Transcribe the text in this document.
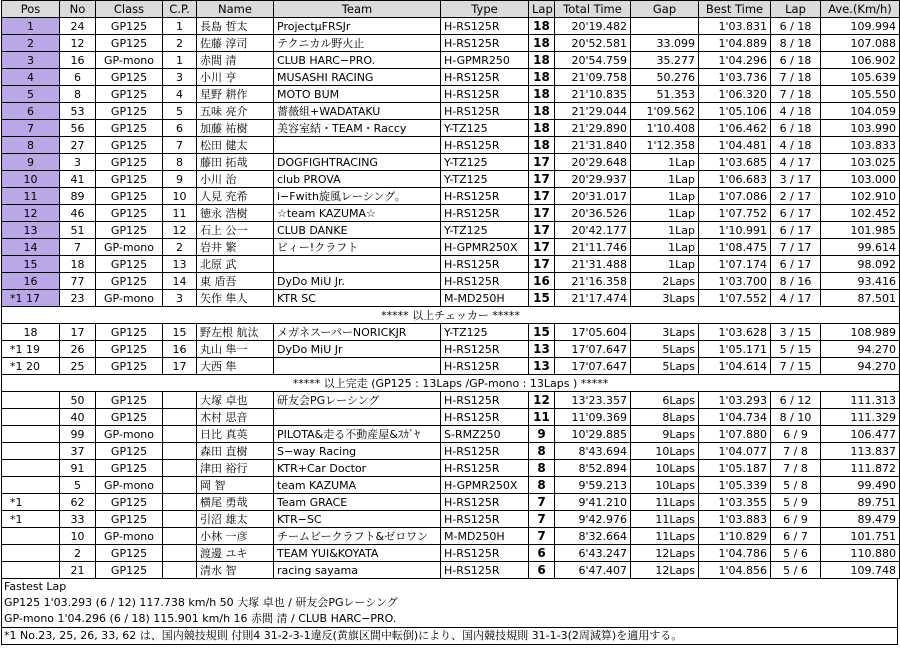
Pos	No	Class	C.P.	Name	Team	Type	Lap	Total Time	Gap	Best Time	Lap	Ave.(Km/h)
1	24	GP125	1	長島 哲太	ProjectμFRSJr	H-RS125R	18	20'19.482		1'03.831	6 / 18	109.994
2	12	GP125	2	佐藤 淳司	テクニカル野火止	H-RS125R	18	20'52.581	33.099	1'04.889	8 / 18	107.088
3	16	GP-mono	1	赤間 清	CLUB HARC−PRO.	H-GPMR250	18	20'54.759	35.277	1'04.296	6 / 18	106.902
4	6	GP125	3	小川 亨	MUSASHI RACING	H-RS125R	18	21'09.758	50.276	1'03.736	7 / 18	105.639
5	8	GP125	4	星野 耕作	MOTO BUM	H-RS125R	18	21'10.835	51.353	1'06.320	7 / 18	105.550
6	53	GP125	5	五味 亮介	薔薇組+WADATAKU	H-RS125R	18	21'29.044	1'09.562	1'05.106	4 / 18	104.059
7	56	GP125	6	加藤 祐樹	美容室結・TEAM・Raccy	Y-TZ125	18	21'29.890	1'10.408	1'06.462	6 / 18	103.990
8	27	GP125	7	松田 健太		H-RS125R	18	21'31.840	1'12.358	1'04.481	4 / 18	103.833
9	3	GP125	8	藤田 拓哉	DOGFIGHTRACING	Y-TZ125	17	20'29.648	1Lap	1'03.685	4 / 17	103.025
10	41	GP125	9	小川 治	club PROVA	Y-TZ125	17	20'29.937	1Lap	1'06.683	3 / 17	103.000
11	89	GP125	10	人見 充希	i−Fwith旋風レーシング。	H-RS125R	17	20'31.017	1Lap	1'07.086	2 / 17	102.910
12	46	GP125	11	徳永 浩樹	☆team KAZUMA☆	H-RS125R	17	20'36.526	1Lap	1'07.752	6 / 17	102.452
13	51	GP125	12	石上 公一	CLUB DANKE	Y-TZ125	17	20'42.177	1Lap	1'10.991	6 / 17	101.985
14	7	GP-mono	2	岩井 繁	ビィー!クラフト	H-GPMR250X	17	21'11.746	1Lap	1'08.475	7 / 17	99.614
15	18	GP125	13	北原 武		H-RS125R	17	21'31.488	1Lap	1'07.174	6 / 17	98.092
16	77	GP125	14	東 盾吾	DyDo MiU Jr.	H-RS125R	16	21'16.358	2Laps	1'03.700	8 / 16	93.416
*1 17	23	GP-mono	3	矢作 隼人	KTR SC	M-MD250H	15	21'17.474	3Laps	1'07.552	4 / 17	87.501
***** 以上チェッカー *****												
18	17	GP125	15	野左根 航汰	メガネスーパーNORICKJR	Y-TZ125	15	17'05.604	3Laps	1'03.628	3 / 15	108.989
*1 19	26	GP125	16	丸山 隼一	DyDo MiU Jr	H-RS125R	13	17'07.647	5Laps	1'05.171	5 / 15	94.270
*1 20	25	GP125	17	大西 隼		H-RS125R	13	17'07.647	5Laps	1'04.614	7 / 15	94.270
***** 以上完走 (GP125 : 13Laps /GP-mono : 13Laps ) *****												
	50	GP125		大塚 卓也	研友会PGレーシング	H-RS125R	12	13'23.357	6Laps	1'03.293	6 / 12	111.313
	40	GP125		木村 思音		H-RS125R	11	11'09.369	8Laps	1'04.734	8 / 10	111.329
	99	GP-mono		日比 真英	PILOTA&走る不動産屋&ｽｶﾞﾔ	S-RMZ250	9	10'29.885	9Laps	1'07.880	6 / 9	106.477
	37	GP125		森田 直樹	S−way Racing	H-RS125R	8	8'43.694	10Laps	1'04.077	7 / 8	113.837
	91	GP125		津田 裕行	KTR+Car Doctor	H-RS125R	8	8'52.894	10Laps	1'05.187	7 / 8	111.872
	5	GP-mono		岡 智	team KAZUMA	H-GPMR250X	8	9'59.213	10Laps	1'05.339	5 / 8	99.490
*1	62	GP125		横尾 勇哉	Team GRACE	H-RS125R	7	9'41.210	11Laps	1'03.355	5 / 9	89.751
*1	33	GP125		引沼 雄太	KTR−SC	H-RS125R	7	9'42.976	11Laps	1'03.883	6 / 9	89.479
	10	GP-mono		小林 一彦	チームビークラフト&ゼロワン	M-MD250H	7	8'32.664	11Laps	1'10.829	6 / 7	101.751
	2	GP125		渡邊 ユキ	TEAM YUI&KOYATA	H-RS125R	6	6'43.247	12Laps	1'04.786	5 / 6	110.880
	21	GP125		清水 智	racing sayama	H-RS125R	6	6'47.407	12Laps	1'04.856	5 / 6	109.748
Fastest Lap
GP125 1'03.293 (6 / 12) 117.738 km/h 50 大塚 卓也 / 研友会PGレーシング
GP-mono 1'04.296 (6 / 18) 115.901 km/h 16 赤間 清 / CLUB HARC−PRO.
*1 No.23, 25, 26, 33, 62 は、国内競技規則 付則4 31-2-3-1違反(黄旗区間中転倒)により、国内競技規則 31-1-3(2周減算)を適用する。
